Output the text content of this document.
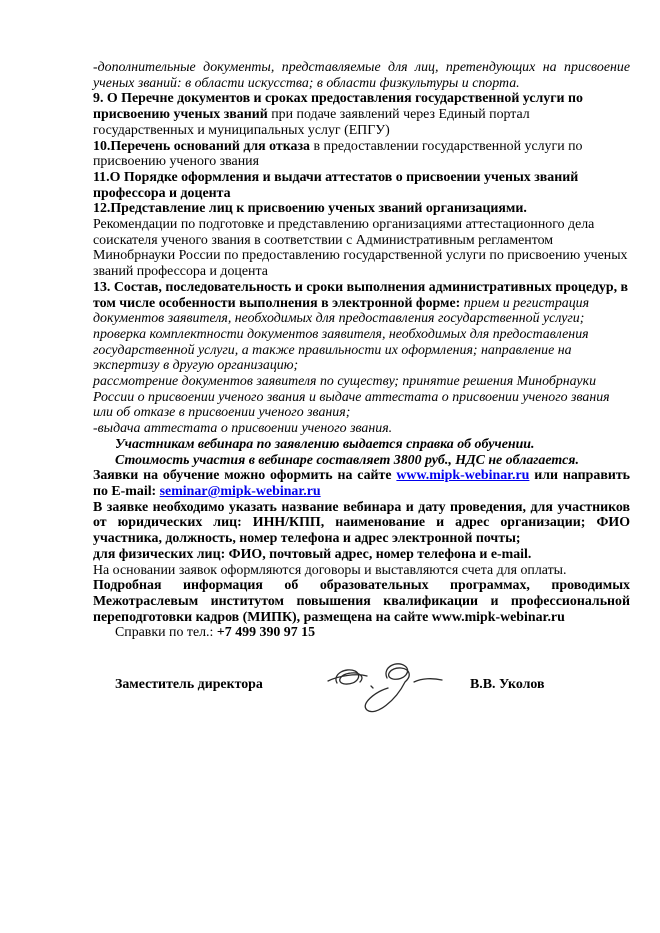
-дополнительные документы, представляемые для лиц, претендующих на присвоение ученых званий: в области искусства; в области физкультуры и спорта.

9. О Перечне документов и сроках предоставления государственной услуги по присвоению ученых званий при подаче заявлений через Единый портал государственных и муниципальных услуг (ЕПГУ)

10.Перечень оснований для отказа в предоставлении государственной услуги по присвоению ученого звания

11.О Порядке оформления и выдачи аттестатов о присвоении ученых званий профессора и доцента

12.Представление лиц к присвоению ученых званий организациями.

Рекомендации по подготовке и представлению организациями аттестационного дела соискателя ученого звания в соответствии с Административным регламентом Минобрнауки России по предоставлению государственной услуги по присвоению ученых званий профессора и доцента

13. Состав, последовательность и сроки выполнения административных процедур, в том числе особенности выполнения в электронной форме: прием и регистрация документов заявителя, необходимых для предоставления государственной услуги; проверка комплектности документов заявителя, необходимых для предоставления государственной услуги, а также правильности их оформления; направление на экспертизу в другую организацию;

рассмотрение документов заявителя по существу; принятие решения Минобрнауки России о присвоении ученого звания и выдаче аттестата о присвоении ученого звания или об отказе в присвоении ученого звания;

-выдача аттестата о присвоении ученого звания.

Участникам вебинара по заявлению выдается справка об обучении.

Стоимость участия в вебинаре составляет 3800 руб., НДС не облагается.

Заявки на обучение можно оформить на сайте www.mipk-webinar.ru или направить по E-mail: seminar@mipk-webinar.ru

В заявке необходимо указать название вебинара и дату проведения, для участников от юридических лиц: ИНН/КПП, наименование и адрес организации; ФИО участника, должность, номер телефона и адрес электронной почты;

для физических лиц: ФИО, почтовый адрес, номер телефона и e-mail.

На основании заявок оформляются договоры и выставляются счета для оплаты.

Подробная информация об образовательных программах, проводимых Межотраслевым институтом повышения квалификации и профессиональной переподготовки кадров (МИПК), размещена на сайте www.mipk-webinar.ru

Справки по тел.: +7 499 390 97 15

Заместитель директора	В.В. Уколов
